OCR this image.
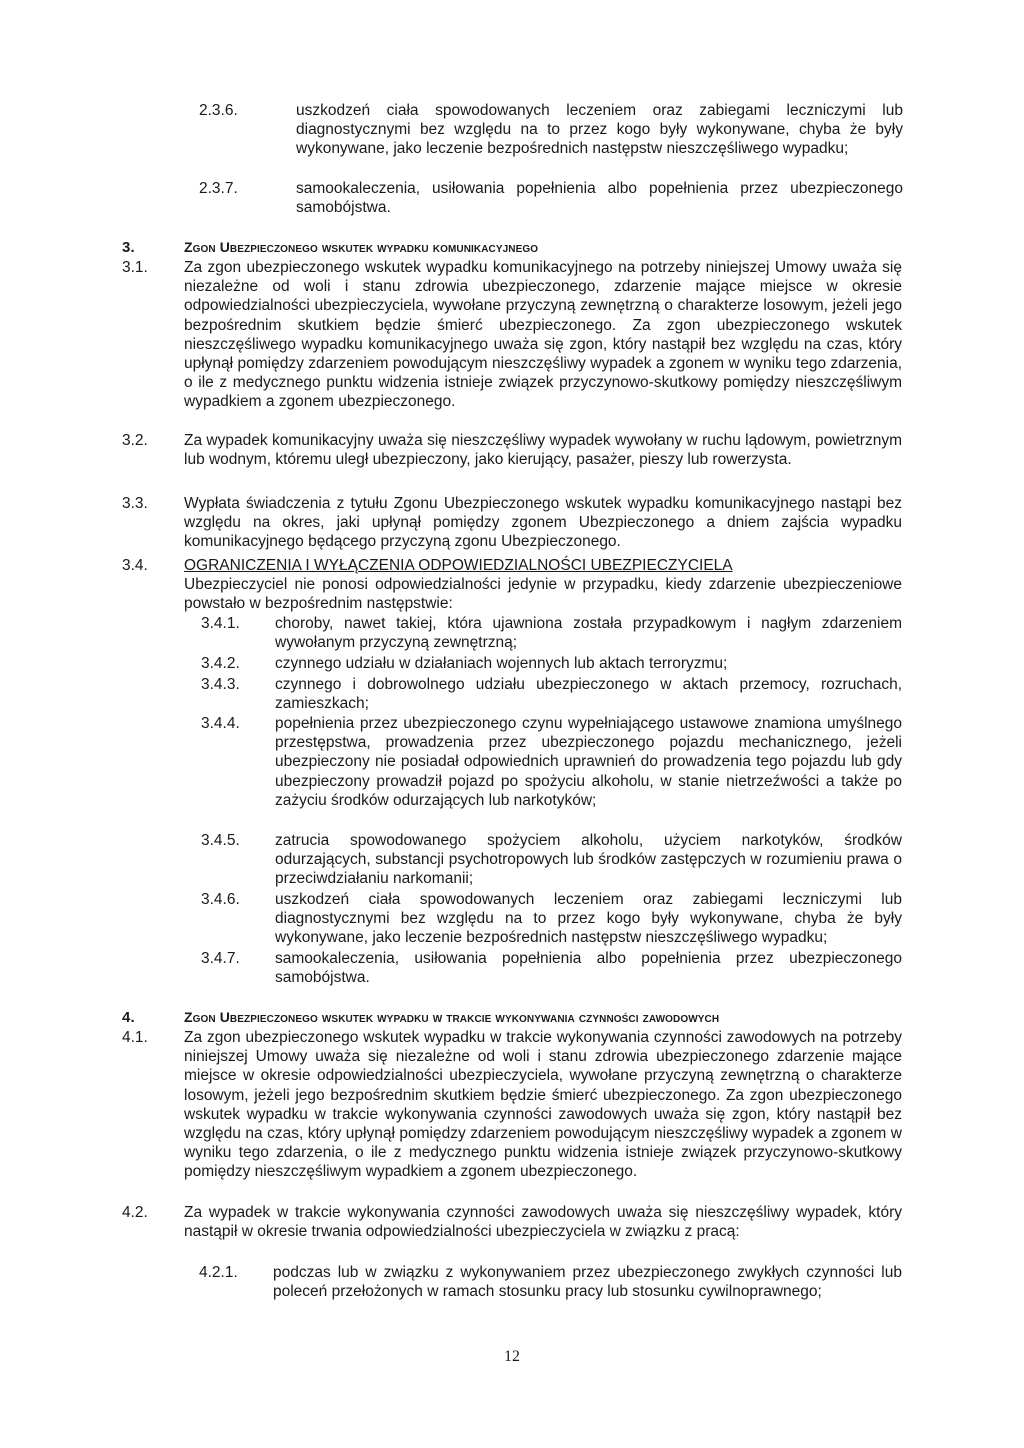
2.3.6.	uszkodzeń ciała spowodowanych leczeniem oraz zabiegami leczniczymi lub diagnostycznymi bez względu na to przez kogo były wykonywane, chyba że były wykonywane, jako leczenie bezpośrednich następstw nieszczęśliwego wypadku;
2.3.7.	samookaleczenia, usiłowania popełnienia albo popełnienia przez ubezpieczonego samobójstwa.
3.	Zgon Ubezpieczonego wskutek wypadku komunikacyjnego
3.1.	Za zgon ubezpieczonego wskutek wypadku komunikacyjnego na potrzeby niniejszej Umowy uważa się niezależne od woli i stanu zdrowia ubezpieczonego, zdarzenie mające miejsce w okresie odpowiedzialności ubezpieczyciela, wywołane przyczyną zewnętrzną o charakterze losowym, jeżeli jego bezpośrednim skutkiem będzie śmierć ubezpieczonego. Za zgon ubezpieczonego wskutek nieszczęśliwego wypadku komunikacyjnego uważa się zgon, który nastąpił bez względu na czas, który upłynął pomiędzy zdarzeniem powodującym nieszczęśliwy wypadek a zgonem w wyniku tego zdarzenia, o ile z medycznego punktu widzenia istnieje związek przyczynowo-skutkowy pomiędzy nieszczęśliwym wypadkiem a zgonem ubezpieczonego.
3.2.	Za wypadek komunikacyjny uważa się nieszczęśliwy wypadek wywołany w ruchu lądowym, powietrznym lub wodnym, któremu uległ ubezpieczony, jako kierujący, pasażer, pieszy lub rowerzysta.
3.3.	Wypłata świadczenia z tytułu Zgonu Ubezpieczonego wskutek wypadku komunikacyjnego nastąpi bez względu na okres, jaki upłynął pomiędzy zgonem Ubezpieczonego a dniem zajścia wypadku komunikacyjnego będącego przyczyną zgonu Ubezpieczonego.
3.4.	OGRANICZENIA I WYŁĄCZENIA ODPOWIEDZIALNOŚCI UBEZPIECZYCIELA
Ubezpieczyciel nie ponosi odpowiedzialności jedynie w przypadku, kiedy zdarzenie ubezpieczeniowe powstało w bezpośrednim następstwie:
3.4.1.	choroby, nawet takiej, która ujawniona została przypadkowym i nagłym zdarzeniem wywołanym przyczyną zewnętrzną;
3.4.2.	czynnego udziału w działaniach wojennych lub aktach terroryzmu;
3.4.3.	czynnego i dobrowolnego udziału ubezpieczonego w aktach przemocy, rozruchach, zamieszkach;
3.4.4.	popełnienia przez ubezpieczonego czynu wypełniającego ustawowe znamiona umyślnego przestępstwa, prowadzenia przez ubezpieczonego pojazdu mechanicznego, jeżeli ubezpieczony nie posiadał odpowiednich uprawnień do prowadzenia tego pojazdu lub gdy ubezpieczony prowadził pojazd po spożyciu alkoholu, w stanie nietrzeźwości a także po zażyciu środków odurzających lub narkotyków;
3.4.5.	zatrucia spowodowanego spożyciem alkoholu, użyciem narkotyków, środków odurzających, substancji psychotropowych lub środków zastępczych w rozumieniu prawa o przeciwdziałaniu narkomanii;
3.4.6.	uszkodzeń ciała spowodowanych leczeniem oraz zabiegami leczniczymi lub diagnostycznymi bez względu na to przez kogo były wykonywane, chyba że były wykonywane, jako leczenie bezpośrednich następstw nieszczęśliwego wypadku;
3.4.7.	samookaleczenia, usiłowania popełnienia albo popełnienia przez ubezpieczonego samobójstwa.
4.	Zgon Ubezpieczonego wskutek wypadku w trakcie wykonywania czynności zawodowych
4.1.	Za zgon ubezpieczonego wskutek wypadku w trakcie wykonywania czynności zawodowych na potrzeby niniejszej Umowy uważa się niezależne od woli i stanu zdrowia ubezpieczonego zdarzenie mające miejsce w okresie odpowiedzialności ubezpieczyciela, wywołane przyczyną zewnętrzną o charakterze losowym, jeżeli jego bezpośrednim skutkiem będzie śmierć ubezpieczonego. Za zgon ubezpieczonego wskutek wypadku w trakcie wykonywania czynności zawodowych uważa się zgon, który nastąpił bez względu na czas, który upłynął pomiędzy zdarzeniem powodującym nieszczęśliwy wypadek a zgonem w wyniku tego zdarzenia, o ile z medycznego punktu widzenia istnieje związek przyczynowo-skutkowy pomiędzy nieszczęśliwym wypadkiem a zgonem ubezpieczonego.
4.2.	Za wypadek w trakcie wykonywania czynności zawodowych uważa się nieszczęśliwy wypadek, który nastąpił w okresie trwania odpowiedzialności ubezpieczyciela w związku z pracą:
4.2.1.	podczas lub w związku z wykonywaniem przez ubezpieczonego zwykłych czynności lub poleceń przełożonych w ramach stosunku pracy lub stosunku cywilnoprawnego;
12
